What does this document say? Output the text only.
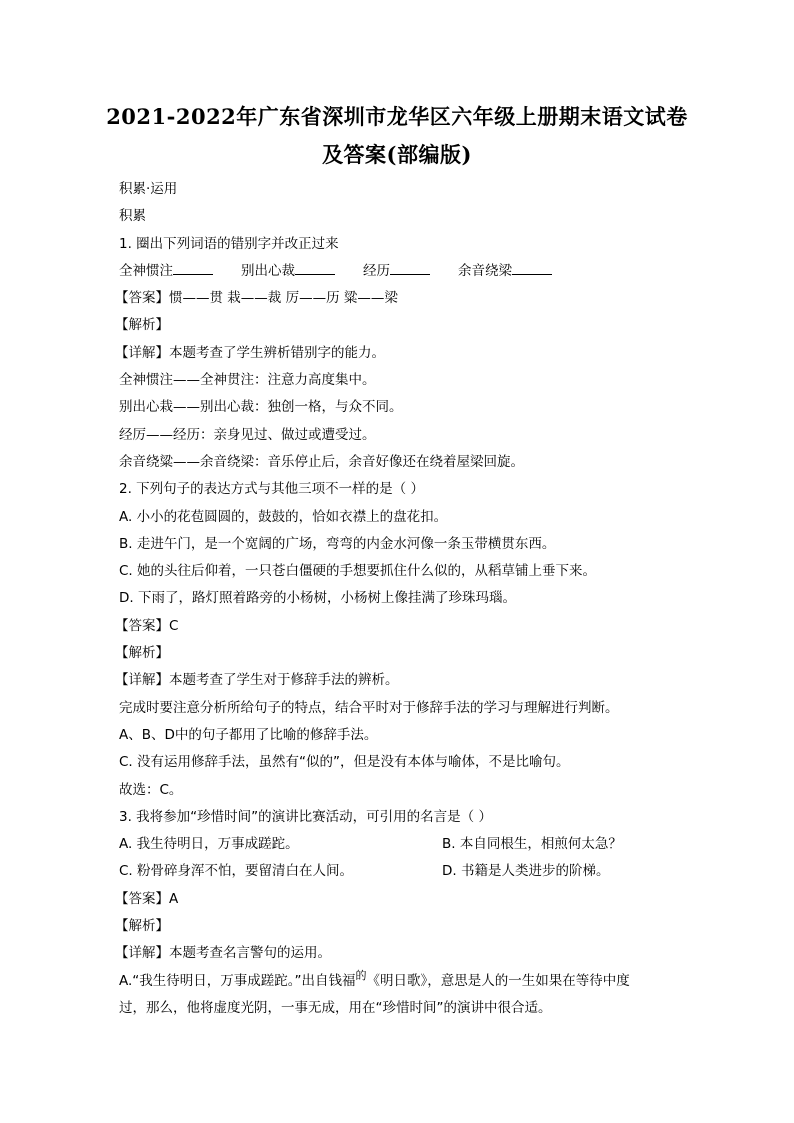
2021-2022年广东省深圳市龙华区六年级上册期末语文试卷
及答案(部编版)
积累·运用
积累
1. 圈出下列词语的错别字并改正过来
全神惯注	别出心裁	经历	余音绕梁
【答案】惯——贯 栽——裁 厉——历 粱——梁
【解析】
【详解】本题考查了学生辨析错别字的能力。
全神惯注——全神贯注：注意力高度集中。
别出心栽——别出心裁：独创一格，与众不同。
经厉——经历：亲身见过、做过或遭受过。
余音绕粱——余音绕梁：音乐停止后，余音好像还在绕着屋梁回旋。
2. 下列句子的表达方式与其他三项不一样的是（ ）
A. 小小的花苞圆圆的，鼓鼓的，恰如衣襟上的盘花扣。
B. 走进午门，是一个宽阔的广场，弯弯的内金水河像一条玉带横贯东西。
C. 她的头往后仰着，一只苍白僵硬的手想要抓住什么似的，从稻草铺上垂下来。
D. 下雨了，路灯照着路旁的小杨树，小杨树上像挂满了珍珠玛瑙。
【答案】C
【解析】
【详解】本题考查了学生对于修辞手法的辨析。
完成时要注意分析所给句子的特点，结合平时对于修辞手法的学习与理解进行判断。
A、B、D中的句子都用了比喻的修辞手法。
C. 没有运用修辞手法，虽然有“似的”，但是没有本体与喻体，不是比喻句。
故选：C。
3. 我将参加“珍惜时间”的演讲比赛活动，可引用的名言是（ ）
A. 我生待明日，万事成蹉跎。	B. 本自同根生，相煎何太急？
C. 粉骨碎身浑不怕，要留清白在人间。	D. 书籍是人类进步的阶梯。
【答案】A
【解析】
【详解】本题考查名言警句的运用。
A.“我生待明日，万事成蹉跎。”出自钱福$^的$《明日歌》，意思是人的一生如果在等待中度
过，那么，他将虚度光阴，一事无成，用在“珍惜时间”的演讲中很合适。
